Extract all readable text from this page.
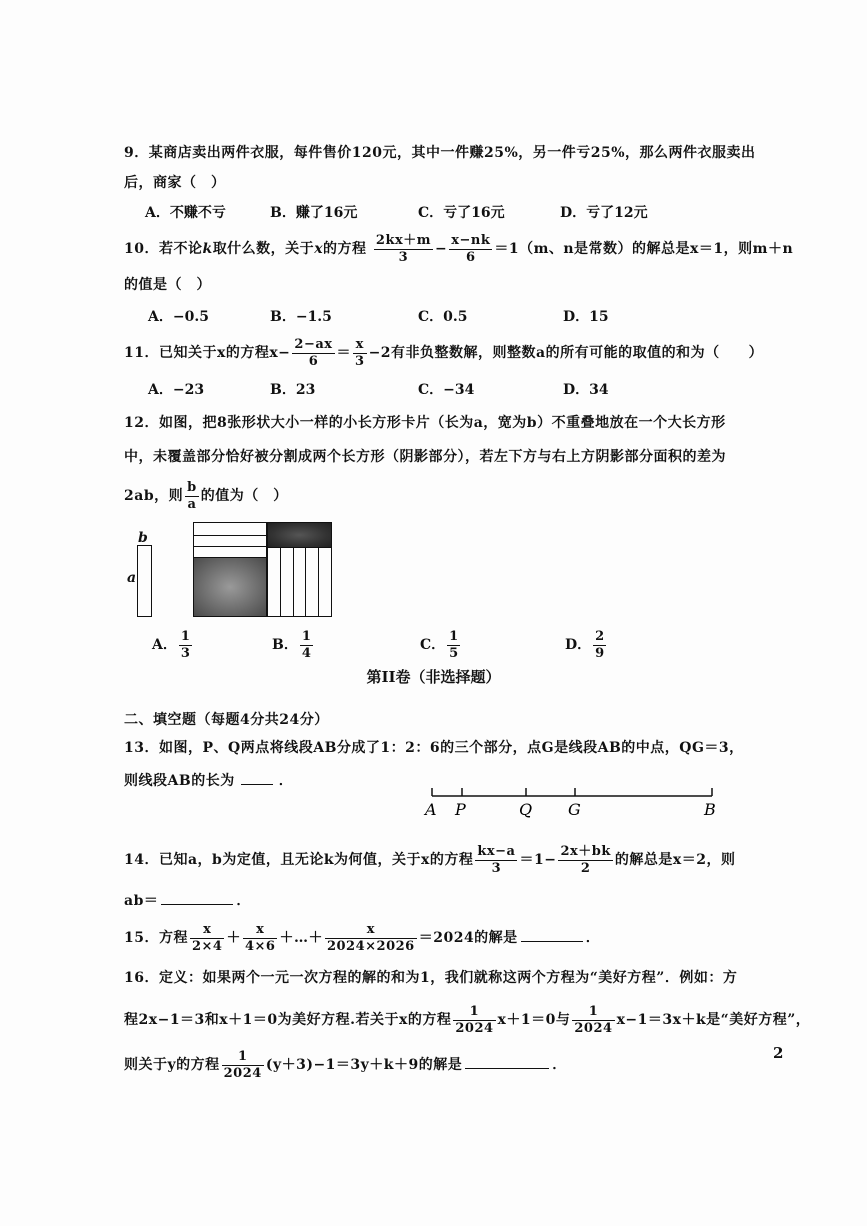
9．某商店卖出两件衣服，每件售价120元，其中一件赚25%，另一件亏25%，那么两件衣服卖出
后，商家（　）
A．不赚不亏	B．赚了16元	C．亏了16元	D．亏了12元
10．若不论k取什么数，关于x的方程 $\frac{2kx+m}{3} - \frac{x-nk}{6} =1(m$、n是常数）的解总是x＝1，则m＋n
的值是（　）
A．−0.5	B．−1.5	C．0.5	D．15
11．已知关于x的方程$x- \frac{2-ax}{6} = \frac{x}{3} -2$有非负整数解，则整数a的所有可能的取值的和为（　　）
A．−23	B．23	C．−34	D．34
12．如图，把8张形状大小一样的小长方形卡片（长为a，宽为b）不重叠地放在一个大长方形
中，未覆盖部分恰好被分割成两个长方形（阴影部分），若左下方与右上方阴影部分面积的差为
2ab，则 $\frac{b}{a}$ 的值为（　）
b
a
A． $\frac{1}{3}$	B． $\frac{1}{4}$	C． $\frac{1}{5}$	D． $\frac{2}{9}$
第II卷（非选择题）
二、填空题（每题4分共24分）
13．如图，P、Q两点将线段AB分成了1：2：6的三个部分，点G是线段AB的中点，QG＝3，
则线段AB的长为	．
A P	Q G	B
14．已知a，b为定值，且无论k为何值，关于x的方程 $\frac{kx-a}{3} =1- \frac{2x+bk}{2}$ 的解总是x＝2，则
ab＝	．
15．方程 $\frac{x}{2\times 4} + \frac{x}{4\times 6}$ ＋…＋ $\frac{x}{2024\times 2026} =2024$的解是	．
16．定义：如果两个一元一次方程的解的和为1，我们就称这两个方程为“美好方程”．例如：方
程2x−1＝3和x＋1＝0为美好方程.若关于x的方程 $\frac{1}{2024} x+1=0$与 $\frac{1}{2024} x-1=3x+k$是“美好方程”，
则关于y的方程 $\frac{1}{2024} (y+3)-1=3y+k+9$的解是	．
2
